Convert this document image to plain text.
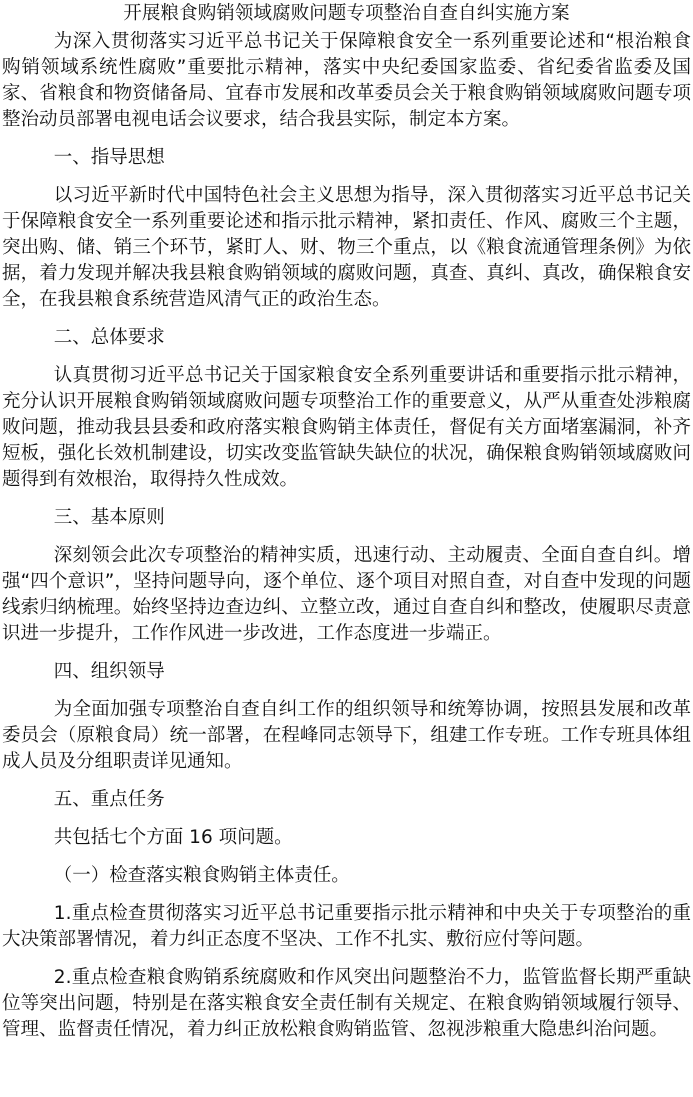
开展粮食购销领域腐败问题专项整治自查自纠实施方案

为深入贯彻落实习近平总书记关于保障粮食安全一系列重要论述和“根治粮食购销领域系统性腐败”重要批示精神，落实中央纪委国家监委、省纪委省监委及国家、省粮食和物资储备局、宜春市发展和改革委员会关于粮食购销领域腐败问题专项整治动员部署电视电话会议要求，结合我县实际，制定本方案。

一、指导思想

以习近平新时代中国特色社会主义思想为指导，深入贯彻落实习近平总书记关于保障粮食安全一系列重要论述和指示批示精神，紧扣责任、作风、腐败三个主题，突出购、储、销三个环节，紧盯人、财、物三个重点，以《粮食流通管理条例》为依据，着力发现并解决我县粮食购销领域的腐败问题，真查、真纠、真改，确保粮食安全，在我县粮食系统营造风清气正的政治生态。

二、总体要求

认真贯彻习近平总书记关于国家粮食安全系列重要讲话和重要指示批示精神，充分认识开展粮食购销领域腐败问题专项整治工作的重要意义，从严从重查处涉粮腐败问题，推动我县县委和政府落实粮食购销主体责任，督促有关方面堵塞漏洞，补齐短板，强化长效机制建设，切实改变监管缺失缺位的状况，确保粮食购销领域腐败问题得到有效根治，取得持久性成效。

三、基本原则

深刻领会此次专项整治的精神实质，迅速行动、主动履责、全面自查自纠。增强“四个意识”，坚持问题导向，逐个单位、逐个项目对照自查，对自查中发现的问题线索归纳梳理。始终坚持边查边纠、立整立改，通过自查自纠和整改，使履职尽责意识进一步提升，工作作风进一步改进，工作态度进一步端正。

四、组织领导

为全面加强专项整治自查自纠工作的组织领导和统筹协调，按照县发展和改革委员会（原粮食局）统一部署，在程峰同志领导下，组建工作专班。工作专班具体组成人员及分组职责详见通知。

五、重点任务

共包括七个方面 16 项问题。

（一）检查落实粮食购销主体责任。

1.重点检查贯彻落实习近平总书记重要指示批示精神和中央关于专项整治的重大决策部署情况，着力纠正态度不坚决、工作不扎实、敷衍应付等问题。

2.重点检查粮食购销系统腐败和作风突出问题整治不力，监管监督长期严重缺位等突出问题，特别是在落实粮食安全责任制有关规定、在粮食购销领域履行领导、管理、监督责任情况，着力纠正放松粮食购销监管、忽视涉粮重大隐患纠治问题。
